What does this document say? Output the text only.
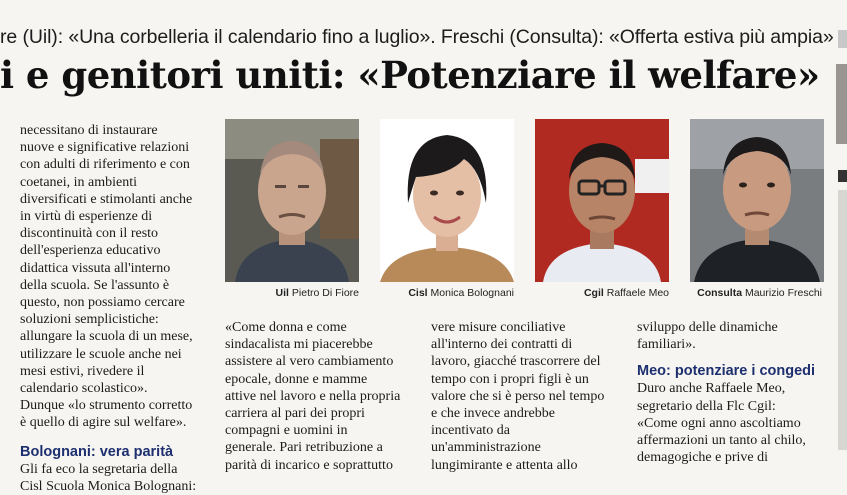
re (Uil): «Una corbelleria il calendario fino a luglio». Freschi (Consulta): «Offerta estiva più ampia»
i e genitori uniti: «Potenziare il welfare»

necessitano di instaurare
nuove e significative relazioni
con adulti di riferimento e con
coetanei, in ambienti
diversificati e stimolanti anche
in virtù di esperienze di
discontinuità con il resto
dell'esperienza educativo
didattica vissuta all'interno
della scuola. Se l'assunto è
questo, non possiamo cercare
soluzioni semplicistiche:
allungare la scuola di un mese,
utilizzare le scuole anche nei
mesi estivi, rivedere il
calendario scolastico».
Dunque «lo strumento corretto
è quello di agire sul welfare».

Bolognani: vera parità

Gli fa eco la segretaria della
Cisl Scuola Monica Bolognani:

Uil Pietro Di Fiore	Cisl Monica Bolognani	Cgil Raffaele Meo	Consulta Maurizio Freschi

«Come donna e come
sindacalista mi piacerebbe
assistere al vero cambiamento
epocale, donne e mamme
attive nel lavoro e nella propria
carriera al pari dei propri
compagni e uomini in
generale. Pari retribuzione a
parità di incarico e soprattutto

vere misure conciliative
all'interno dei contratti di
lavoro, giacché trascorrere del
tempo con i propri figli è un
valore che si è perso nel tempo
e che invece andrebbe
incentivato da
un'amministrazione
lungimirante e attenta allo

sviluppo delle dinamiche
familiari».

Meo: potenziare i congedi

Duro anche Raffaele Meo,
segretario della Flc Cgil:
«Come ogni anno ascoltiamo
affermazioni un tanto al chilo,
demagogiche e prive di
